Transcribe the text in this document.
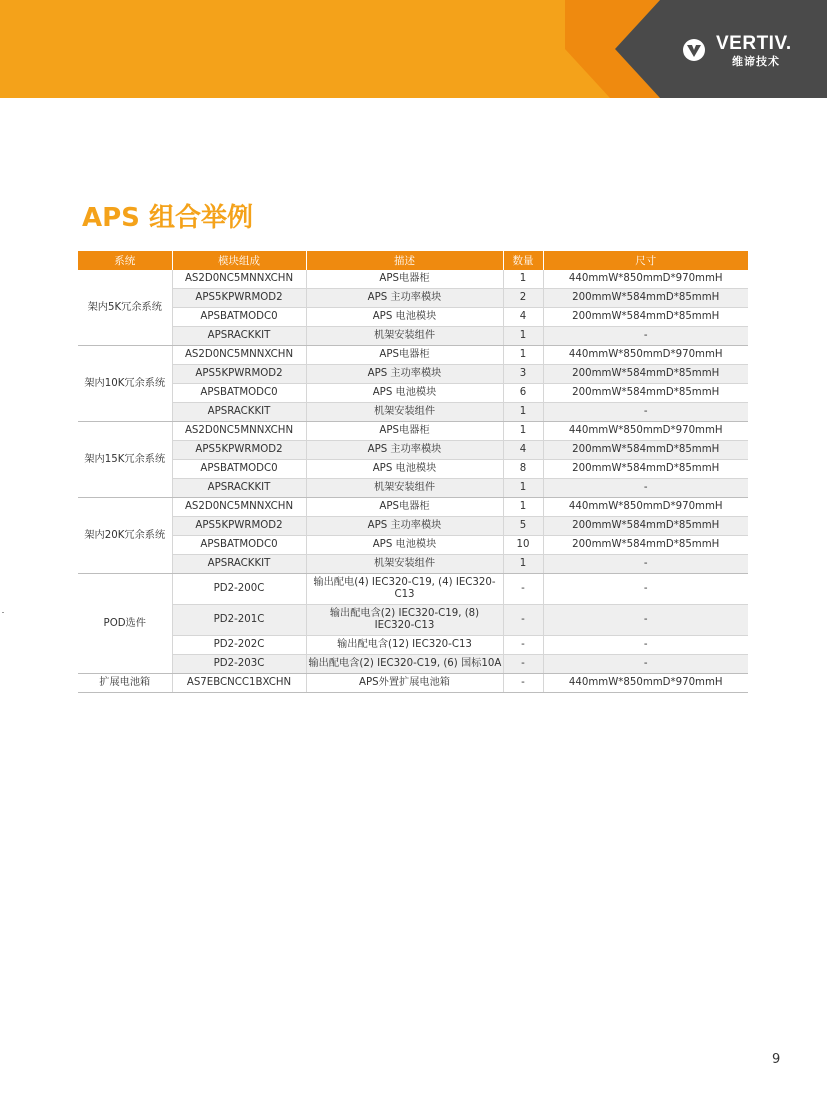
VERTIV.
维谛技术
APS 组合举例
系统	模块组成	描述	数量	尺寸
架内5K冗余系统	AS2D0NC5MNNXCHN	APS电器柜	1	440mmW*850mmD*970mmH
	APS5KPWRMOD2	APS 主功率模块	2	200mmW*584mmD*85mmH
	APSBATMODC0	APS 电池模块	4	200mmW*584mmD*85mmH
	APSRACKKIT	机架安装组件	1	-
架内10K冗余系统	AS2D0NC5MNNXCHN	APS电器柜	1	440mmW*850mmD*970mmH
	APS5KPWRMOD2	APS 主功率模块	3	200mmW*584mmD*85mmH
	APSBATMODC0	APS 电池模块	6	200mmW*584mmD*85mmH
	APSRACKKIT	机架安装组件	1	-
架内15K冗余系统	AS2D0NC5MNNXCHN	APS电器柜	1	440mmW*850mmD*970mmH
	APS5KPWRMOD2	APS 主功率模块	4	200mmW*584mmD*85mmH
	APSBATMODC0	APS 电池模块	8	200mmW*584mmD*85mmH
	APSRACKKIT	机架安装组件	1	-
架内20K冗余系统	AS2D0NC5MNNXCHN	APS电器柜	1	440mmW*850mmD*970mmH
	APS5KPWRMOD2	APS 主功率模块	5	200mmW*584mmD*85mmH
	APSBATMODC0	APS 电池模块	10	200mmW*584mmD*85mmH
	APSRACKKIT	机架安装组件	1	-
POD选件	PD2-200C	输出配电(4) IEC320-C19, (4) IEC320-C13	-	-
	PD2-201C	输出配电含(2) IEC320-C19, (8) IEC320-C13	-	-
	PD2-202C	输出配电含(12) IEC320-C13	-	-
	PD2-203C	输出配电含(2) IEC320-C19, (6) 国标10A	-	-
扩展电池箱	AS7EBCNCC1BXCHN	APS外置扩展电池箱	-	440mmW*850mmD*970mmH
9
